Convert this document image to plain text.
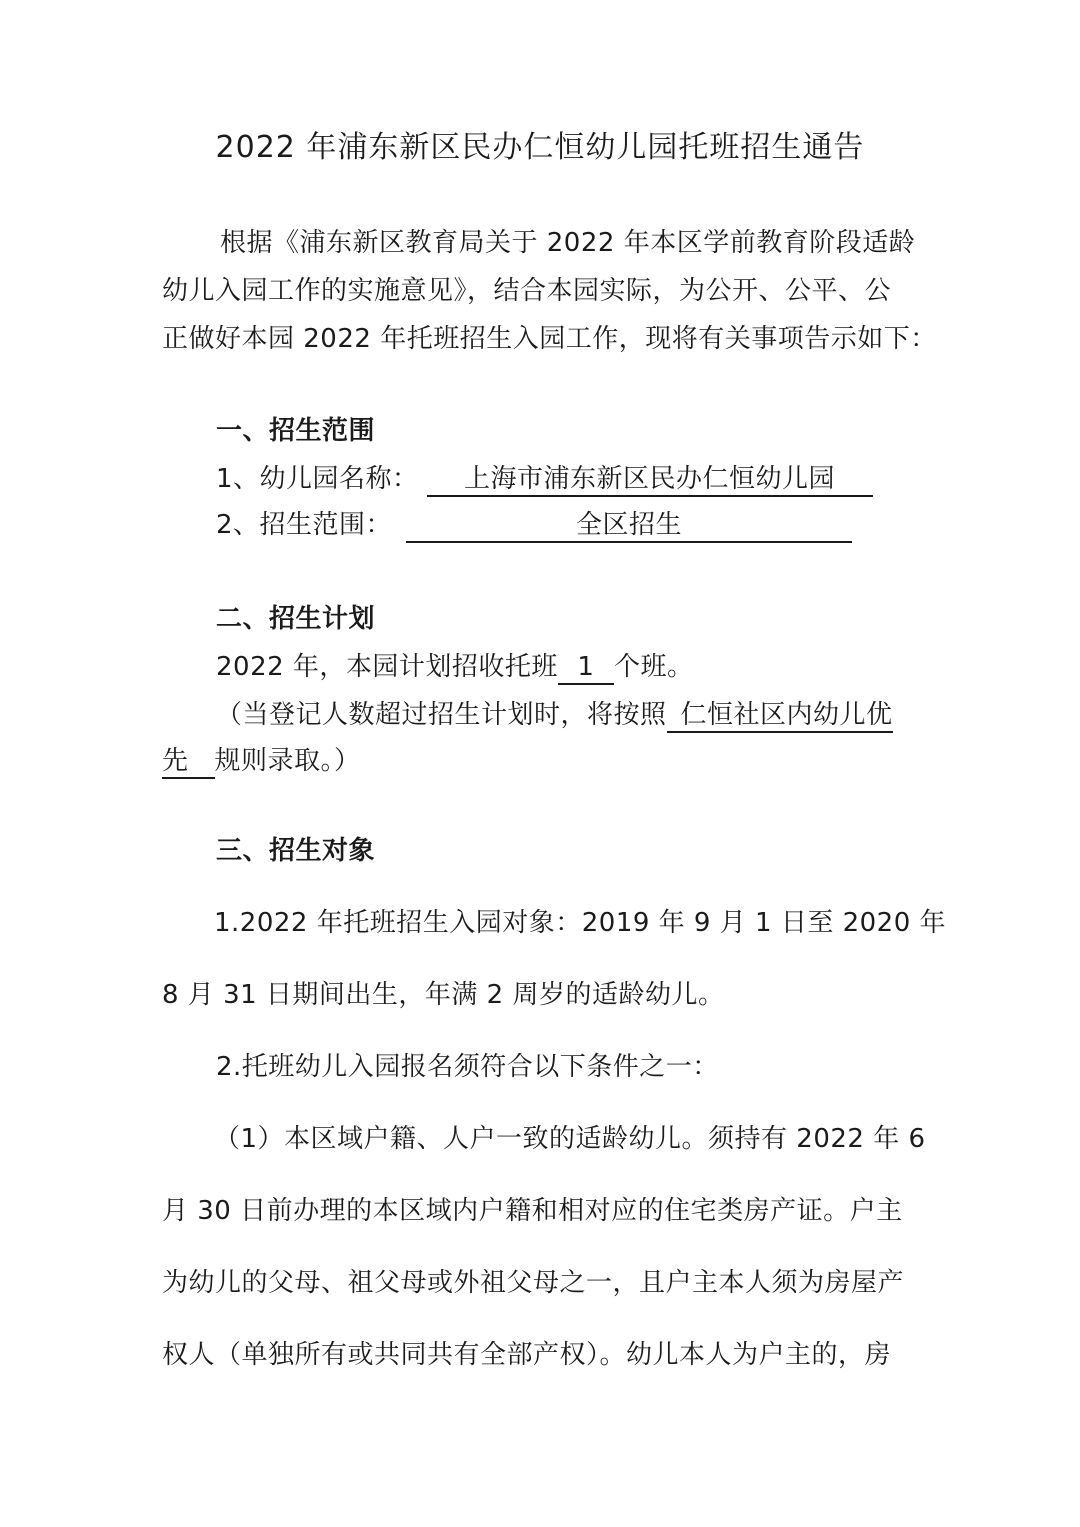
2022 年浦东新区民办仁恒幼儿园托班招生通告
根据《浦东新区教育局关于 2022 年本区学前教育阶段适龄
幼儿入园工作的实施意见》，结合本园实际，为公开、公平、公
正做好本园 2022 年托班招生入园工作，现将有关事项告示如下：
一、招生范围
1、幼儿园名称： 上海市浦东新区民办仁恒幼儿园
2、招生范围：	全区招生
二、招生计划
2022 年，本园计划招收托班 1 个班。
（当登记人数超过招生计划时，将按照 仁恒社区内幼儿优
先 规则录取。）
三、招生对象
1.2022 年托班招生入园对象：2019 年 9 月 1 日至 2020 年
8 月 31 日期间出生，年满 2 周岁的适龄幼儿。
2.托班幼儿入园报名须符合以下条件之一：
（1）本区域户籍、人户一致的适龄幼儿。须持有 2022 年 6
月 30 日前办理的本区域内户籍和相对应的住宅类房产证。户主
为幼儿的父母、祖父母或外祖父母之一，且户主本人须为房屋产
权人（单独所有或共同共有全部产权）。幼儿本人为户主的，房
